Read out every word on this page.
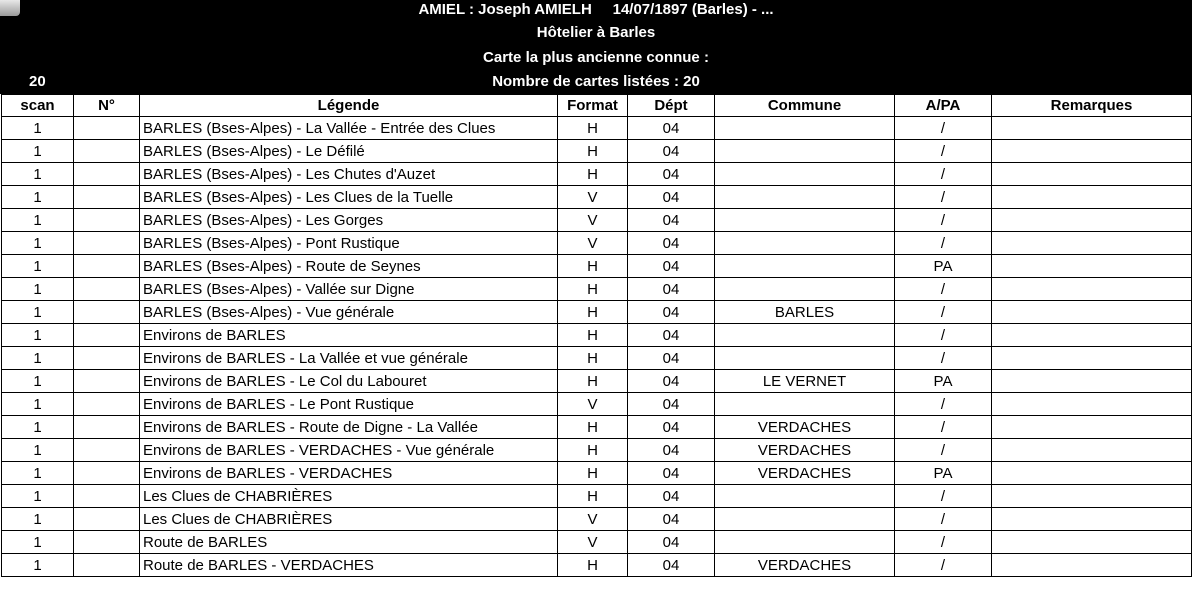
AMIEL : Joseph AMIELH     14/07/1897 (Barles) - ...
Hôtelier à Barles
Carte la plus ancienne connue :
Nombre de cartes listées : 20
20
scan	N°	Légende	Format	Dépt	Commune	A/PA	Remarques
1		BARLES (Bses-Alpes) - La Vallée - Entrée des Clues	H	04		/	
1		BARLES (Bses-Alpes) - Le Défilé	H	04		/	
1		BARLES (Bses-Alpes) - Les Chutes d'Auzet	H	04		/	
1		BARLES (Bses-Alpes) - Les Clues de la Tuelle	V	04		/	
1		BARLES (Bses-Alpes) - Les Gorges	V	04		/	
1		BARLES (Bses-Alpes) - Pont Rustique	V	04		/	
1		BARLES (Bses-Alpes) - Route de Seynes	H	04		PA	
1		BARLES (Bses-Alpes) - Vallée sur Digne	H	04		/	
1		BARLES (Bses-Alpes) - Vue générale	H	04	BARLES	/	
1		Environs de BARLES	H	04		/	
1		Environs de BARLES - La Vallée et vue générale	H	04		/	
1		Environs de BARLES - Le Col du Labouret	H	04	LE VERNET	PA	
1		Environs de BARLES - Le Pont Rustique	V	04		/	
1		Environs de BARLES - Route de Digne - La Vallée	H	04	VERDACHES	/	
1		Environs de BARLES - VERDACHES - Vue générale	H	04	VERDACHES	/	
1		Environs de BARLES - VERDACHES	H	04	VERDACHES	PA	
1		Les Clues de CHABRIÈRES	H	04		/	
1		Les Clues de CHABRIÈRES	V	04		/	
1		Route de BARLES	V	04		/	
1		Route de BARLES - VERDACHES	H	04	VERDACHES	/	
